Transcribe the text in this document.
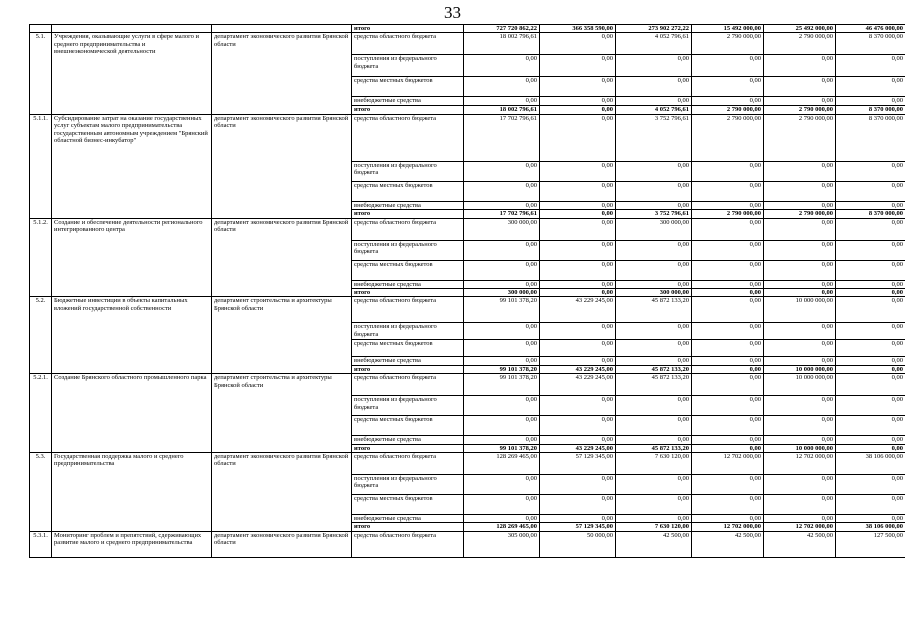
33
			итого	727 720 862,22	366 358 590,00	273 902 272,22	15 492 000,00	25 492 000,00	46 476 000,00
5.1.	Учреждения, оказывающие услуги в сфере малого и среднего предпринимательства и внешнеэкономической деятельности	департамент экономического развития Брянской области	средства областного бюджета	18 002 796,61	0,00	4 052 796,61	2 790 000,00	2 790 000,00	8 370 000,00
			поступления из федерального бюджета	0,00	0,00	0,00	0,00	0,00	0,00
			средства местных бюджетов	0,00	0,00	0,00	0,00	0,00	0,00
			внебюджетные средства	0,00	0,00	0,00	0,00	0,00	0,00
			итого	18 002 796,61	0,00	4 052 796,61	2 790 000,00	2 790 000,00	8 370 000,00
5.1.1.	Субсидирование затрат на оказание государственных услуг субъектам малого предпринимательства государственным автономным учреждением "Брянский областной бизнес-инкубатор"	департамент экономического развития Брянской области	средства областного бюджета	17 702 796,61	0,00	3 752 796,61	2 790 000,00	2 790 000,00	8 370 000,00
			поступления из федерального бюджета	0,00	0,00	0,00	0,00	0,00	0,00
			средства местных бюджетов	0,00	0,00	0,00	0,00	0,00	0,00
			внебюджетные средства	0,00	0,00	0,00	0,00	0,00	0,00
			итого	17 702 796,61	0,00	3 752 796,61	2 790 000,00	2 790 000,00	8 370 000,00
5.1.2.	Создание и обеспечение деятельности регионального интегрированного центра	департамент экономического развития Брянской области	средства областного бюджета	300 000,00	0,00	300 000,00	0,00	0,00	0,00
			поступления из федерального бюджета	0,00	0,00	0,00	0,00	0,00	0,00
			средства местных бюджетов	0,00	0,00	0,00	0,00	0,00	0,00
			внебюджетные средства	0,00	0,00	0,00	0,00	0,00	0,00
			итого	300 000,00	0,00	300 000,00	0,00	0,00	0,00
5.2.	Бюджетные инвестиции в объекты капитальных вложений государственной собственности	департамент строительства и архитектуры Брянской области	средства областного бюджета	99 101 378,20	43 229 245,00	45 872 133,20	0,00	10 000 000,00	0,00
			поступления из федерального бюджета	0,00	0,00	0,00	0,00	0,00	0,00
			средства местных бюджетов	0,00	0,00	0,00	0,00	0,00	0,00
			внебюджетные средства	0,00	0,00	0,00	0,00	0,00	0,00
			итого	99 101 378,20	43 229 245,00	45 872 133,20	0,00	10 000 000,00	0,00
5.2.1.	Создание Брянского областного промышленного парка	департамент строительства и архитектуры Брянской области	средства областного бюджета	99 101 378,20	43 229 245,00	45 872 133,20	0,00	10 000 000,00	0,00
			поступления из федерального бюджета	0,00	0,00	0,00	0,00	0,00	0,00
			средства местных бюджетов	0,00	0,00	0,00	0,00	0,00	0,00
			внебюджетные средства	0,00	0,00	0,00	0,00	0,00	0,00
			итого	99 101 378,20	43 229 245,00	45 872 133,20	0,00	10 000 000,00	0,00
5.3.	Государственная поддержка малого и среднего предпринимательства	департамент экономического развития Брянской области	средства областного бюджета	128 269 465,00	57 129 345,00	7 630 120,00	12 702 000,00	12 702 000,00	38 106 000,00
			поступления из федерального бюджета	0,00	0,00	0,00	0,00	0,00	0,00
			средства местных бюджетов	0,00	0,00	0,00	0,00	0,00	0,00
			внебюджетные средства	0,00	0,00	0,00	0,00	0,00	0,00
			итого	128 269 465,00	57 129 345,00	7 630 120,00	12 702 000,00	12 702 000,00	38 106 000,00
5.3.1.	Мониторинг проблем и препятствий, сдерживающих развитие малого и среднего предпринимательства	департамент экономического развития Брянской области	средства областного бюджета	305 000,00	50 000,00	42 500,00	42 500,00	42 500,00	127 500,00
